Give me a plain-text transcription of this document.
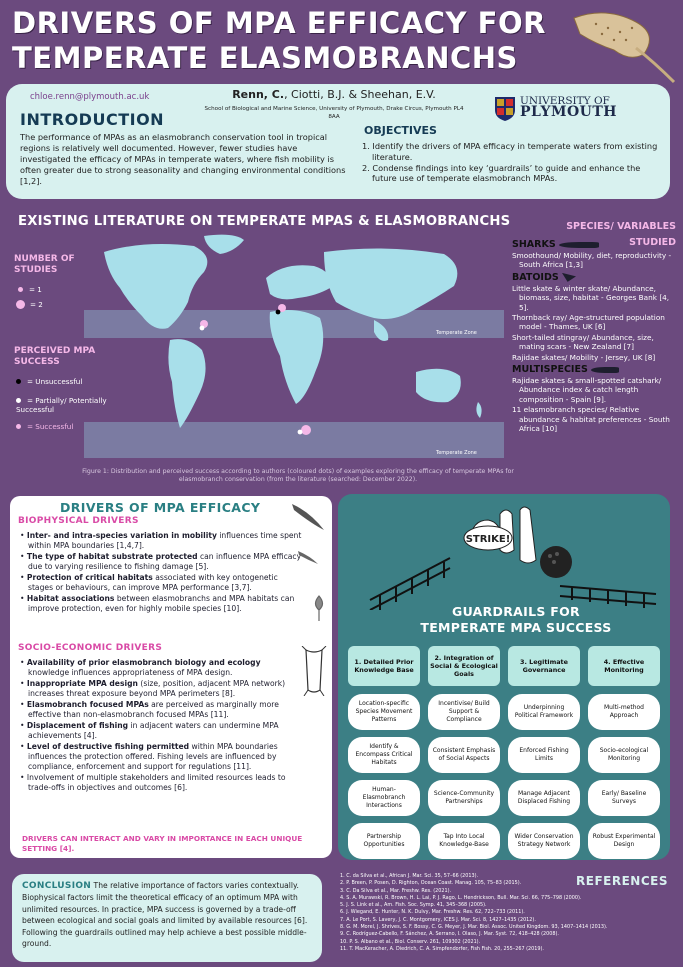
DRIVERS OF MPA EFFICACY FOR
TEMPERATE ELASMOBRANCHS
chloe.renn@plymouth.ac.uk	Renn, C., Ciotti, B.J. & Sheehan, E.V.
School of Biological and Marine Science, University of Plymouth, Drake Circus, Plymouth PL4 8AA
UNIVERSITY OF
PLYMOUTH
INTRODUCTION
The performance of MPAs as an elasmobranch conservation tool in tropical regions is relatively well documented. However, fewer studies have investigated the efficacy of MPAs in temperate waters, where fish mobility is often greater due to strong seasonality and changing environmental conditions [1,2].
OBJECTIVES
1. Identify the drivers of MPA efficacy in temperate waters from existing literature.
2. Condense findings into key ‘guardrails’ to guide and enhance the future use of temperate elasmobranch MPAs.
EXISTING LITERATURE ON TEMPERATE MPAS & ELASMOBRANCHS
Temperate Zone
Temperate Zone
NUMBER OF STUDIES
= 1
= 2
PERCEIVED MPA SUCCESS
= Unsuccessful
= Partially/ Potentially Successful
= Successful
Figure 1: Distribution and perceived success according to authors (coloured dots) of examples exploring the efficacy of temperate MPAs for elasmobranch conservation (from the literature (searched: December 2022).
SPECIES/ VARIABLES
STUDIED
SHARKS
Smoothound/ Mobility, diet, reproductivity - South Africa [1,3]
BATOIDS
Little skate & winter skate/ Abundance, biomass, size, habitat - Georges Bank [4, 5].
Thornback ray/ Age-structured population model - Thames, UK [6]
Short-tailed stingray/ Abundance, size, mating scars - New Zealand [7]
Rajidae skates/ Mobility - Jersey, UK [8]
MULTISPECIES
Rajidae skates & small-spotted catshark/ Abundance index & catch length composition - Spain [9].
11 elasmobranch species/ Relative abundance & habitat preferences - South Africa [10]
DRIVERS OF MPA EFFICACY
BIOPHYSICAL DRIVERS
• Inter- and intra-species variation in mobility influences time spent within MPA boundaries [1,4,7].
• The type of habitat substrate protected can influence MPA efficacy due to varying resilience to fishing damage [5].
• Protection of critical habitats associated with key ontogenetic stages or behaviours, can improve MPA performance [3,7].
• Habitat associations between elasmobranchs and MPA habitats can improve protection, even for highly mobile species [10].
SOCIO-ECONOMIC DRIVERS
• Availability of prior elasmobranch biology and ecology knowledge influences appropriateness of MPA design.
• Inappropriate MPA design (size, position, adjacent MPA network) increases threat exposure beyond MPA perimeters [8].
• Elasmobranch focused MPAs are perceived as marginally more effective than non-elasmobranch focused MPAs [11].
• Displacement of fishing in adjacent waters can undermine MPA achievements [4].
• Level of destructive fishing permitted within MPA boundaries influences the protection offered. Fishing levels are influenced by compliance, enforcement and support for regulations [11].
• Involvement of multiple stakeholders and limited resources leads to trade-offs in objectives and outcomes [6].
DRIVERS CAN INTERACT AND VARY IN IMPORTANCE IN EACH UNIQUE SETTING [4].
STRIKE!
GUARDRAILS FOR
TEMPERATE MPA SUCCESS
1. Detailed Prior Knowledge Base
Location-specific Species Movement Patterns
Identify & Encompass Critical Habitats
Human-Elasmobranch Interactions
Partnership Opportunities
2. Integration of Social & Ecological Goals
Incentivise/ Build Support & Compliance
Consistent Emphasis of Social Aspects
Science-Community Partnerships
Tap Into Local Knowledge-Base
3. Legitimate Governance
Underpinning Political Framework
Enforced Fishing Limits
Manage Adjacent Displaced Fishing
Wider Conservation Strategy Network
4. Effective Monitoring
Multi-method Approach
Socio-ecological Monitoring
Early/ Baseline Surveys
Robust Experimental Design
CONCLUSION The relative importance of factors varies contextually. Biophysical factors limit the theoretical efficacy of an optimum MPA with unlimited resources. In practice, MPA success is governed by a trade-off between ecological and social goals and limited by available resources [6]. Following the guardrails outlined may help achieve a best possible middle-ground.
1. C. da Silva et al., African J. Mar. Sci. 35, 57–66 (2013).
2. P. Breen, P. Posen, D. Righton, Ocean Coast. Manag. 105, 75–83 (2015).
3. C. Da Silva et al., Mar. Freshw. Res. (2021).
4. S. A. Murawski, R. Brown, H. L. Lai, P. J. Rago, L. Hendrickson, Bull. Mar. Sci. 66, 775–798 (2000).
5. J. S. Link et al., Am. Fish. Soc. Symp. 41, 345–368 (2005).
6. J. Wiegand, E. Hunter, N. K. Dulvy, Mar. Freshw. Res. 62, 722–733 (2011).
7. A. Le Port, S. Lavery, J. C. Montgomery, ICES J. Mar. Sci. 8, 1427–1435 (2012).
8. G. M. Morel, J. Shrives, S. F. Bossy, C. G. Meyer, J. Mar. Biol. Assoc. United Kingdom. 93, 1407–1414 (2013).
9. C. Rodríguez-Cabello, F. Sánchez, A. Serrano, I. Olaso, J. Mar. Syst. 72, 418–428 (2008).
10. P. S. Albano et al., Biol. Conserv. 261, 109302 (2021).
11. T. MacKeracher, A. Diedrich, C. A. Simpfendorfer, Fish Fish. 20, 255–267 (2019).
REFERENCES
